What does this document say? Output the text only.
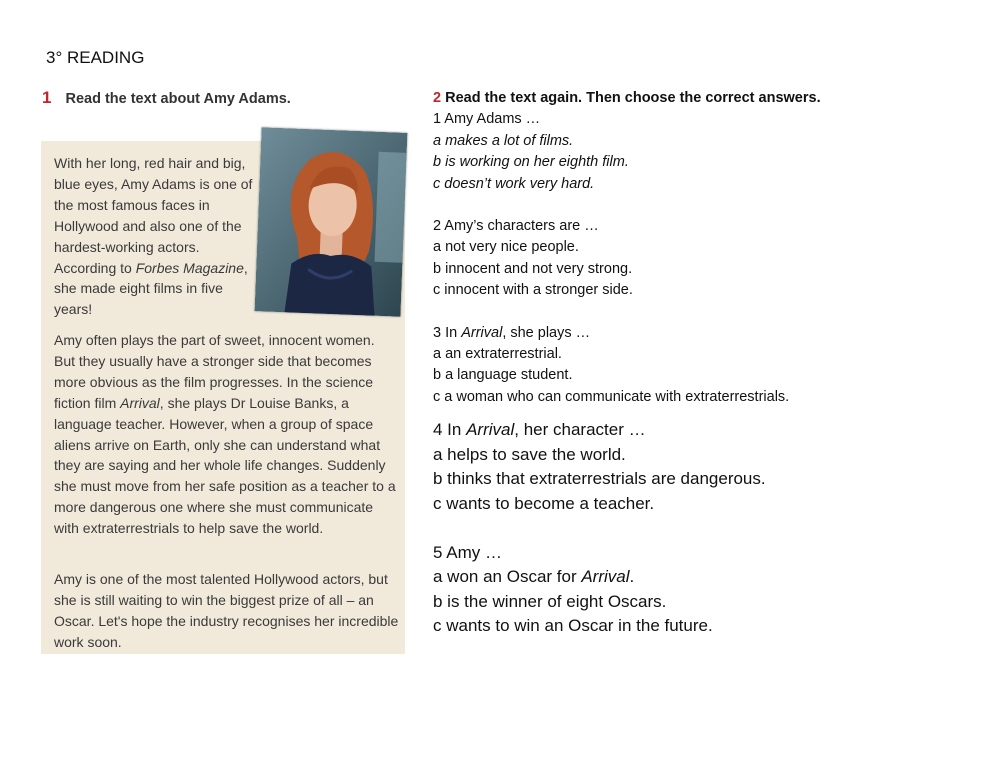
3° READING
1 Read the text about Amy Adams.
With her long, red hair and big, blue eyes, Amy Adams is one of the most famous faces in Hollywood and also one of the hardest-working actors. According to Forbes Magazine, she made eight films in five years!
Amy often plays the part of sweet, innocent women. But they usually have a stronger side that becomes more obvious as the film progresses. In the science fiction film Arrival, she plays Dr Louise Banks, a language teacher. However, when a group of space aliens arrive on Earth, only she can understand what they are saying and her whole life changes. Suddenly she must move from her safe position as a teacher to a more dangerous one where she must communicate with extraterrestrials to help save the world.
Amy is one of the most talented Hollywood actors, but she is still waiting to win the biggest prize of all – an Oscar. Let's hope the industry recognises her incredible work soon.

2 Read the text again. Then choose the correct answers.

1 Amy Adams …

a makes a lot of films.

b is working on her eighth film.

c doesn’t work very hard.

2 Amy’s characters are …

a not very nice people.

b innocent and not very strong.

c innocent with a stronger side.

3 In Arrival, she plays …

a an extraterrestrial.

b a language student.

c a woman who can communicate with extraterrestrials.

4 In Arrival, her character …

a helps to save the world.

b thinks that extraterrestrials are dangerous.

c wants to become a teacher.

5 Amy …

a won an Oscar for Arrival.

b is the winner of eight Oscars.

c wants to win an Oscar in the future.
